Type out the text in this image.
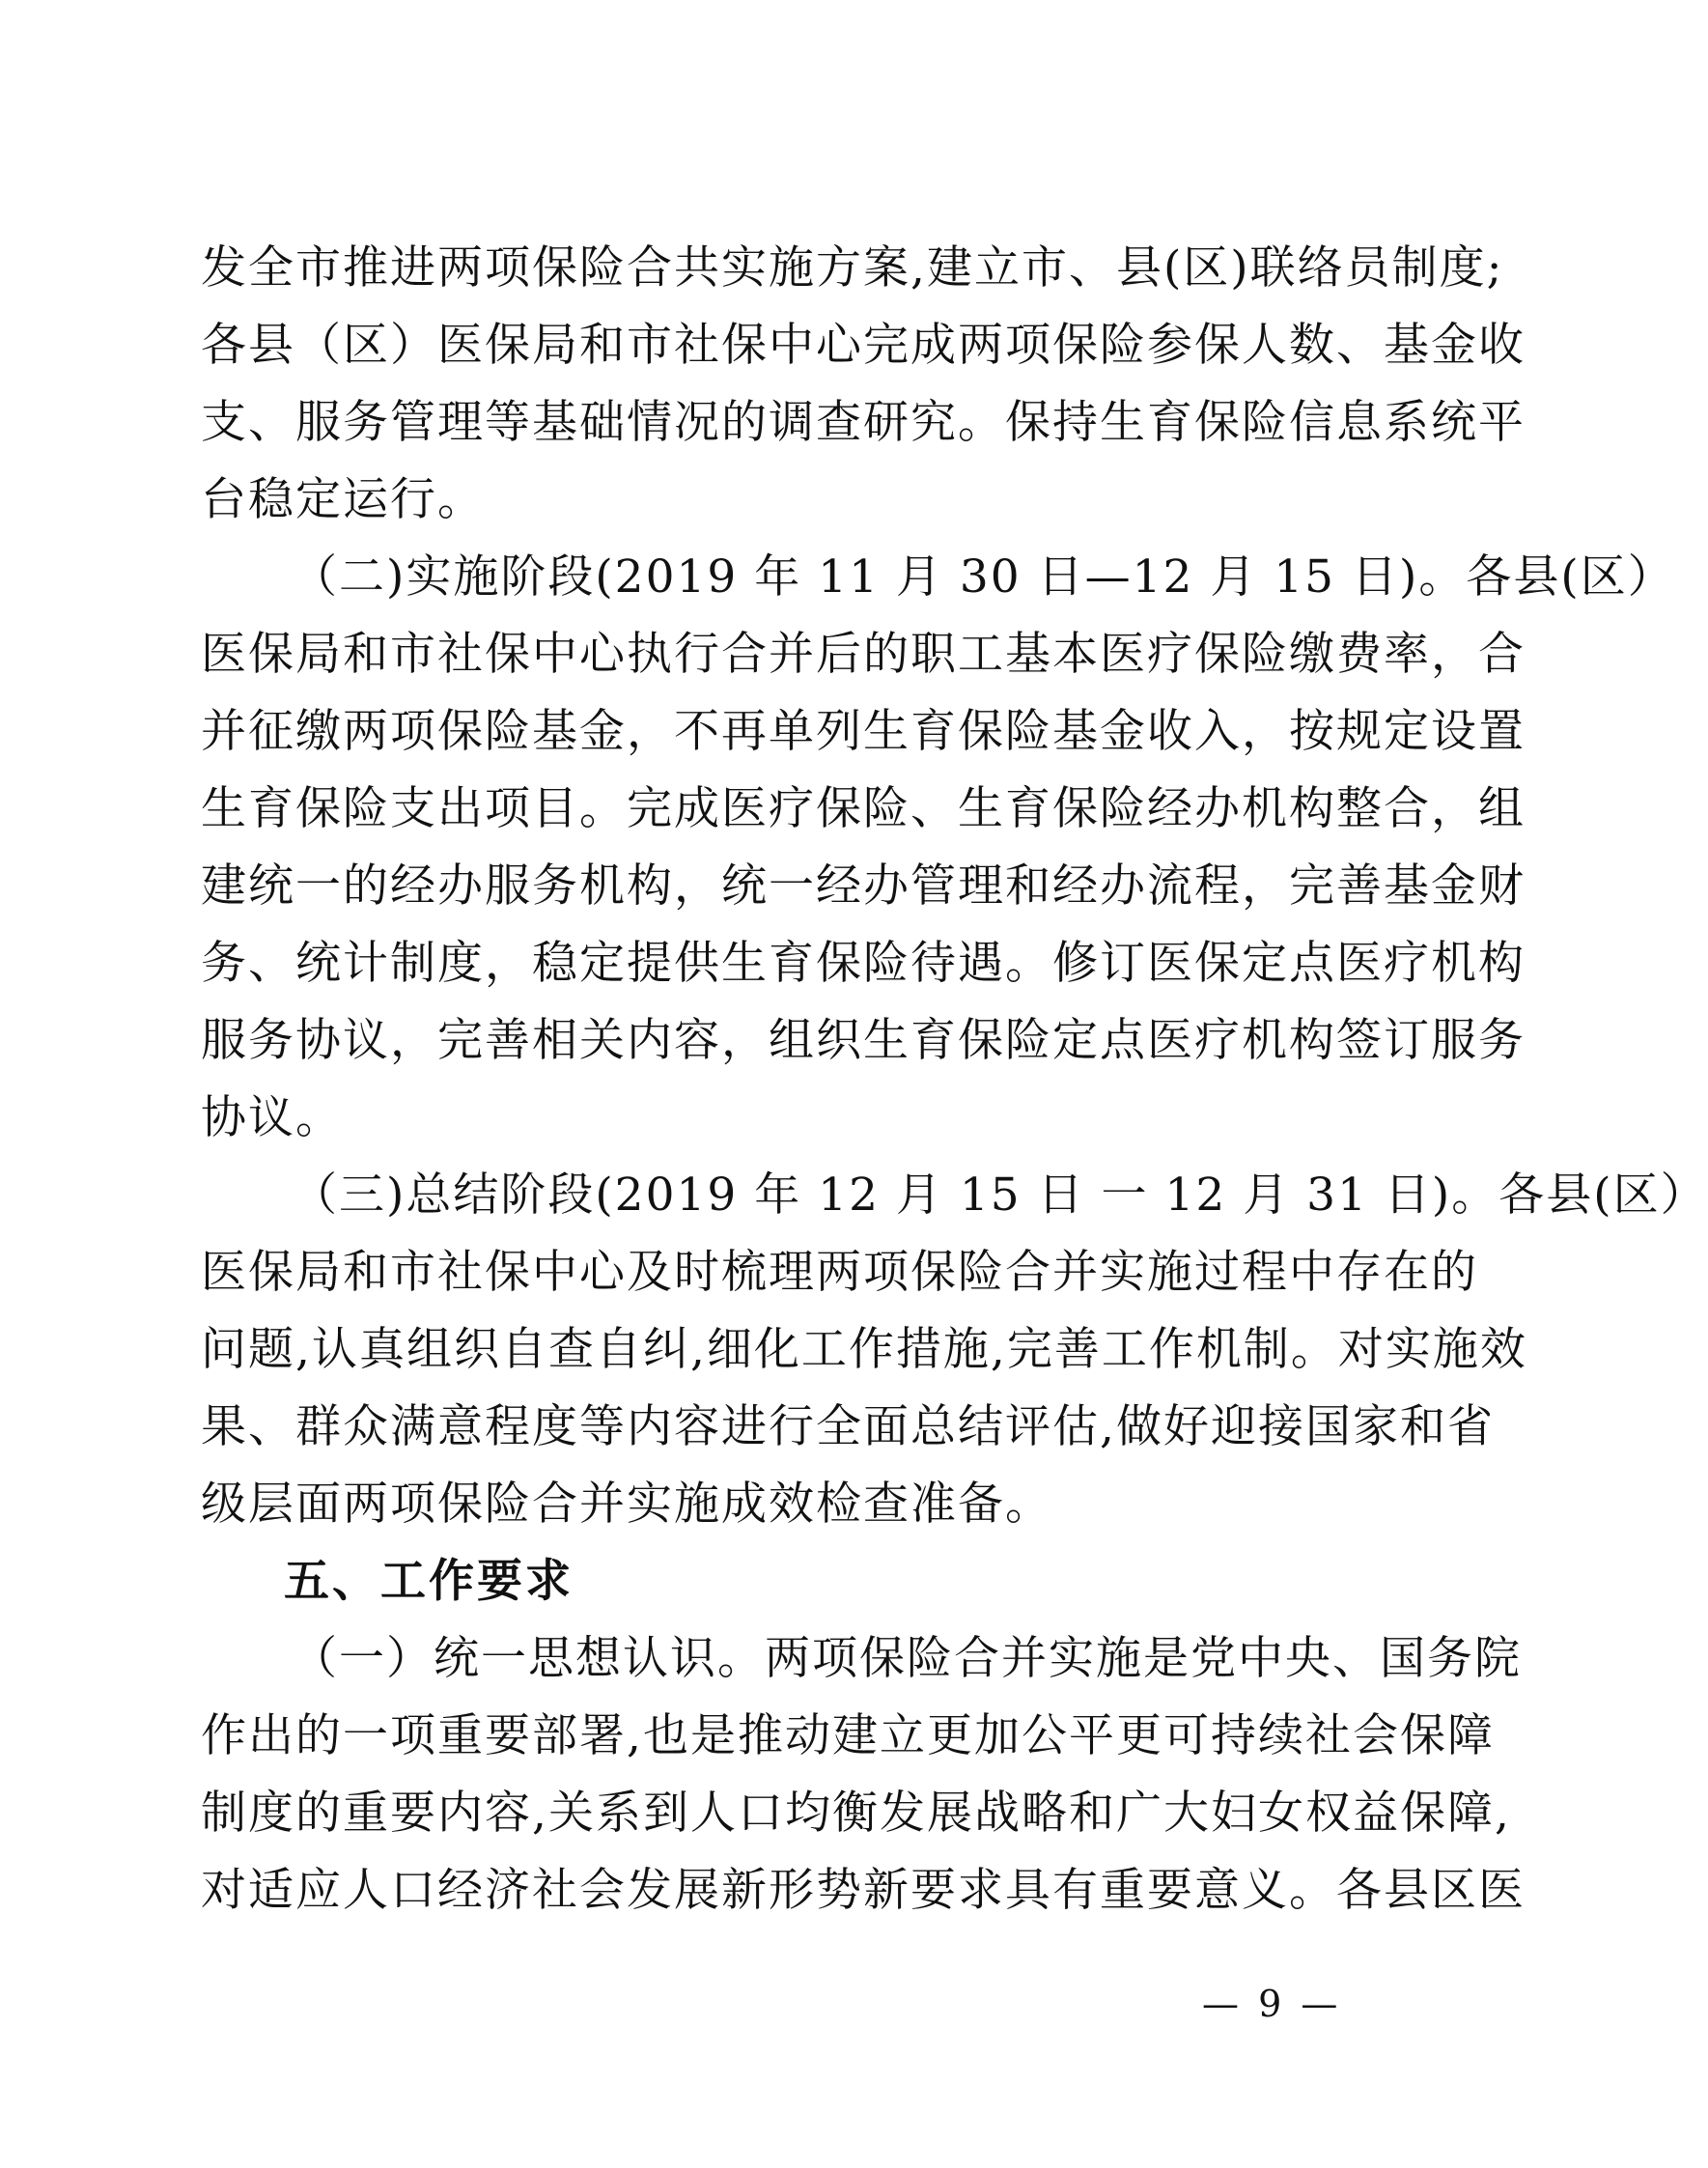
发全市推进两项保险合共实施方案,建立市、县(区)联络员制度;
各县（区）医保局和市社保中心完成两项保险参保人数、基金收
支、服务管理等基础情况的调查研究。保持生育保险信息系统平
台稳定运行。
（二)实施阶段(2019 年 11 月 30 日—12 月 15 日)。各县(区）
医保局和市社保中心执行合并后的职工基本医疗保险缴费率，合
并征缴两项保险基金，不再单列生育保险基金收入，按规定设置
生育保险支出项目。完成医疗保险、生育保险经办机构整合，组
建统一的经办服务机构，统一经办管理和经办流程，完善基金财
务、统计制度，稳定提供生育保险待遇。修订医保定点医疗机构
服务协议，完善相关内容，组织生育保险定点医疗机构签订服务
协议。
（三)总结阶段(2019 年 12 月 15 日 一 12 月 31 日)。各县(区）
医保局和市社保中心及时梳理两项保险合并实施过程中存在的
问题,认真组织自查自纠,细化工作措施,完善工作机制。对实施效
果、群众满意程度等内容进行全面总结评估,做好迎接国家和省
级层面两项保险合并实施成效检查准备。
五、工作要求
（一）统一思想认识。两项保险合并实施是党中央、国务院
作出的一项重要部署,也是推动建立更加公平更可持续社会保障
制度的重要内容,关系到人口均衡发展战略和广大妇女权益保障,
对适应人口经济社会发展新形势新要求具有重要意义。各县区医
— 9 —
